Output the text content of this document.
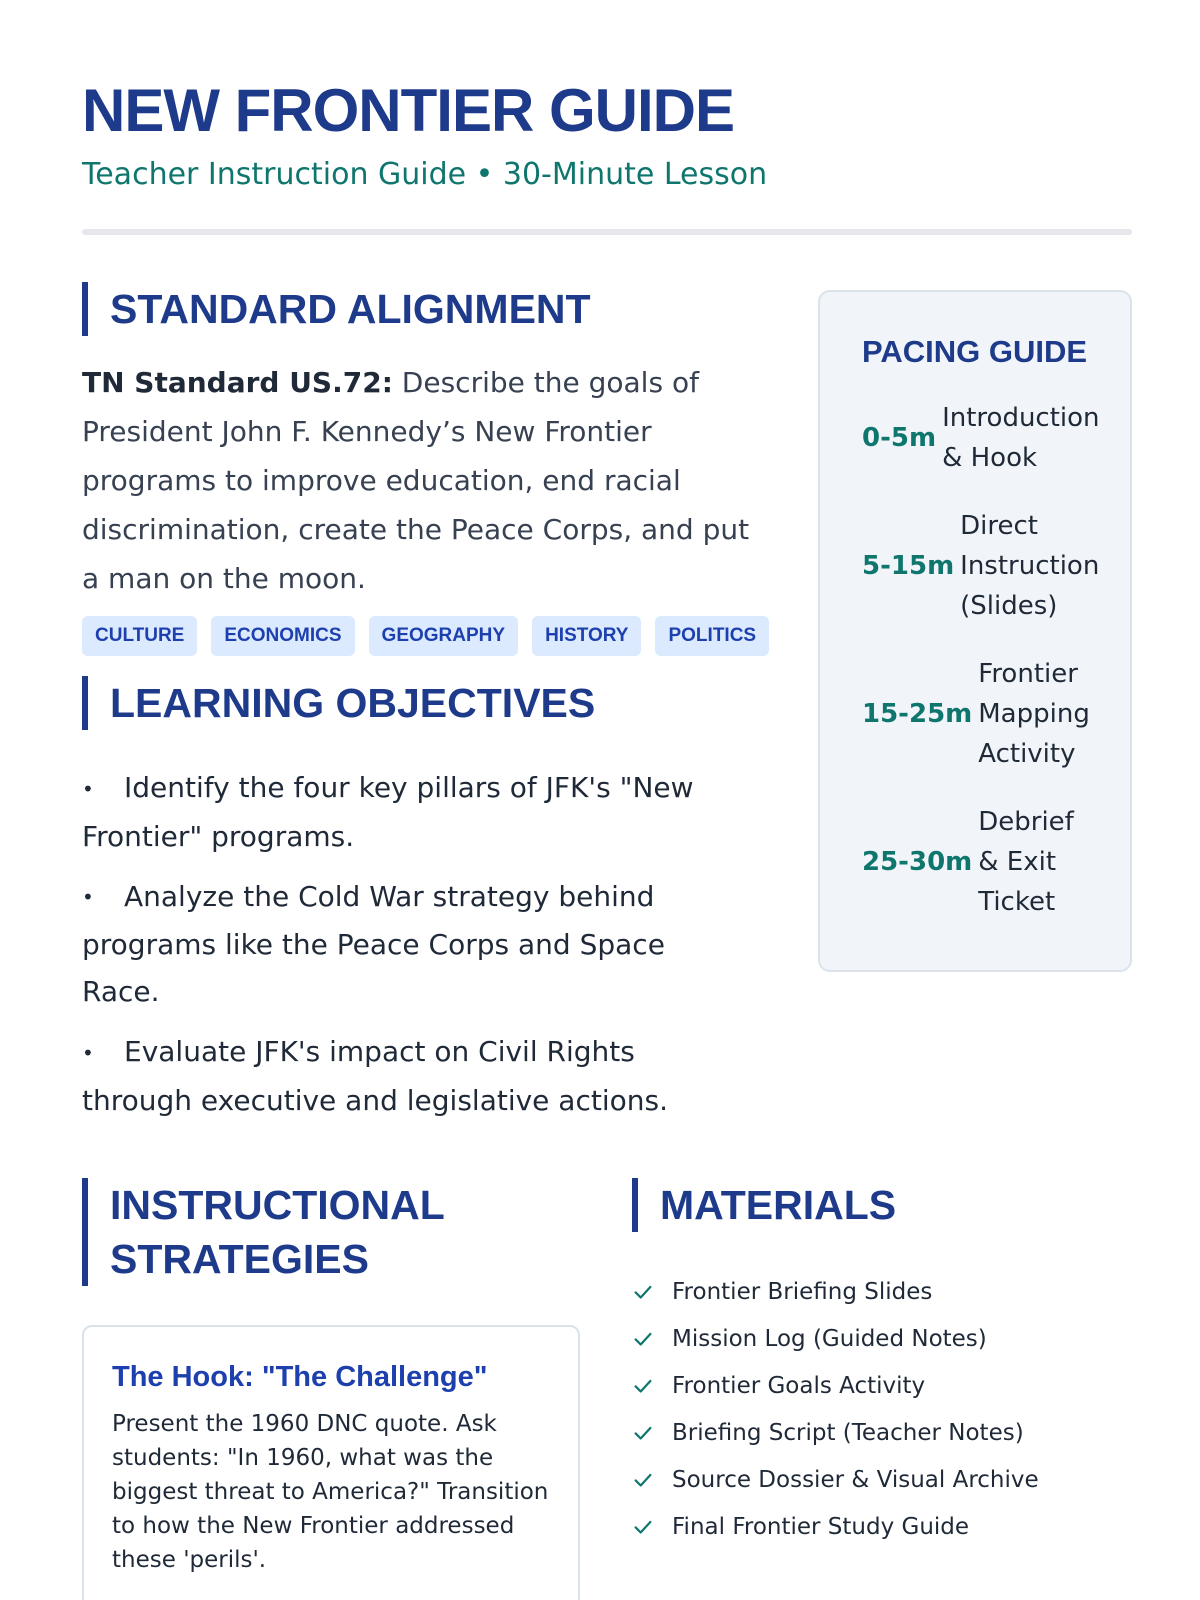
NEW FRONTIER GUIDE
Teacher Instruction Guide • 30-Minute Lesson
STANDARD ALIGNMENT

TN Standard US.72: Describe the goals of President John F. Kennedy’s New Frontier programs to improve education, end racial discrimination, create the Peace Corps, and put a man on the moon.

CULTURE	ECONOMICS	GEOGRAPHY	HISTORY	POLITICS
LEARNING OBJECTIVES
• Identify the four key pillars of JFK's "New Frontier" programs.
• Analyze the Cold War strategy behind programs like the Peace Corps and Space Race.
• Evaluate JFK's impact on Civil Rights through executive and legislative actions.
PACING GUIDE
0-5m
Introduction & Hook
5-15m
Direct Instruction (Slides)
15-25m
Frontier Mapping Activity
25-30m
Debrief & Exit Ticket
INSTRUCTIONAL STRATEGIES
The Hook: "The Challenge"

Present the 1960 DNC quote. Ask students: "In 1960, what was the biggest threat to America?" Transition to how the New Frontier addressed these 'perils'.

MATERIALS
Frontier Briefing Slides
Mission Log (Guided Notes)
Frontier Goals Activity
Briefing Script (Teacher Notes)
Source Dossier & Visual Archive
Final Frontier Study Guide
